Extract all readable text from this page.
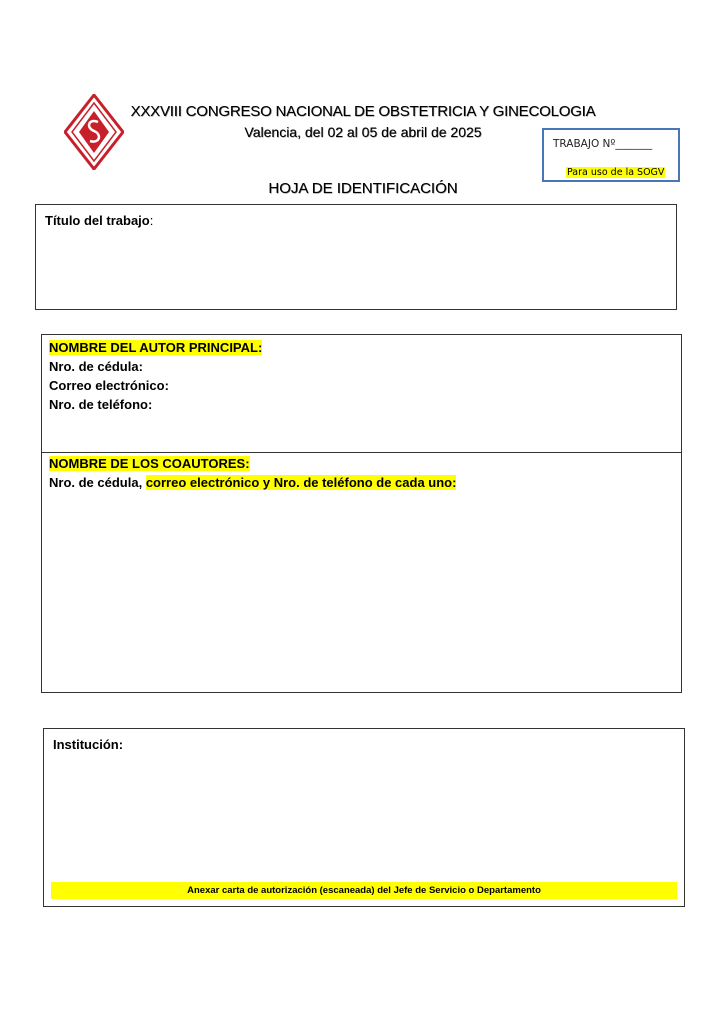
XXXVIII CONGRESO NACIONAL DE OBSTETRICIA Y GINECOLOGIA
Valencia, del 02 al 05 de abril de 2025
TRABAJO Nº_______
Para uso de la SOGV
HOJA DE IDENTIFICACIÓN
Título del trabajo:
NOMBRE DEL AUTOR PRINCIPAL:
Nro. de cédula:
Correo electrónico:
Nro. de teléfono:
NOMBRE DE LOS COAUTORES:
Nro. de cédula, correo electrónico y Nro. de teléfono de cada uno:
Institución:
Anexar carta de autorización (escaneada) del Jefe de Servicio o Departamento
